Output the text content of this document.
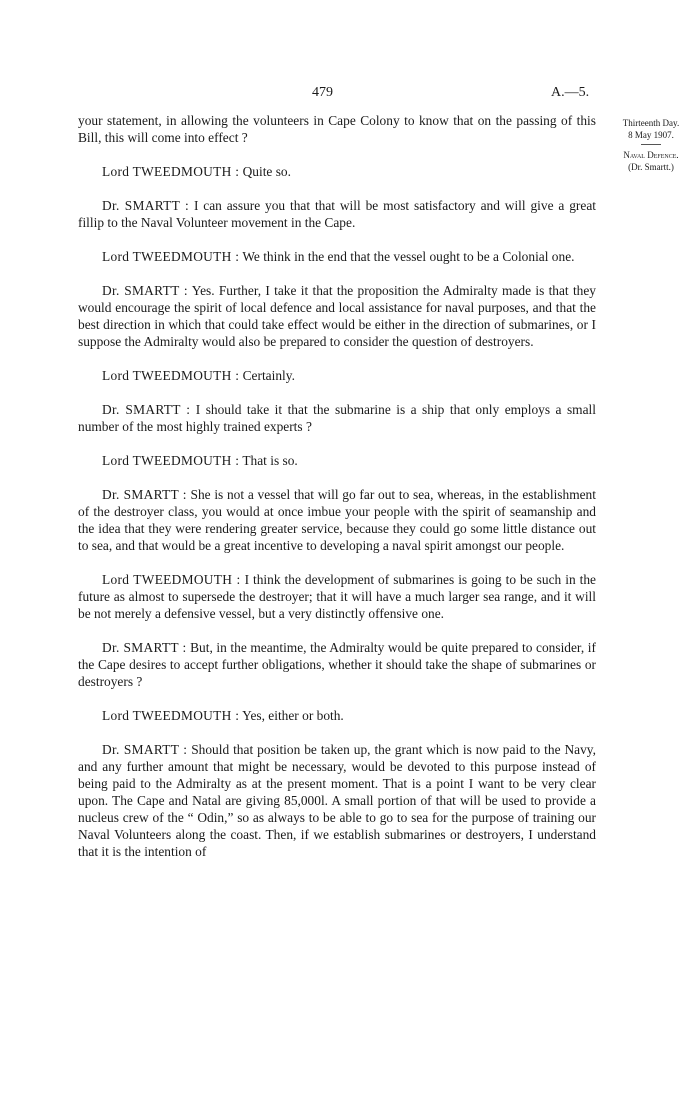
479	A.—5.
Thirteenth Day.
8 May 1907.
Naval Defence.
(Dr. Smartt.)

your statement, in allowing the volunteers in Cape Colony to know that on the passing of this Bill, this will come into effect ?

Lord TWEEDMOUTH : Quite so.

Dr. SMARTT : I can assure you that that will be most satisfactory and will give a great fillip to the Naval Volunteer movement in the Cape.

Lord TWEEDMOUTH : We think in the end that the vessel ought to be a Colonial one.

Dr. SMARTT : Yes. Further, I take it that the proposition the Admiralty made is that they would encourage the spirit of local defence and local assistance for naval purposes, and that the best direction in which that could take effect would be either in the direction of submarines, or I suppose the Admiralty would also be prepared to consider the question of destroyers.

Lord TWEEDMOUTH : Certainly.

Dr. SMARTT : I should take it that the submarine is a ship that only employs a small number of the most highly trained experts ?

Lord TWEEDMOUTH : That is so.

Dr. SMARTT : She is not a vessel that will go far out to sea, whereas, in the establishment of the destroyer class, you would at once imbue your people with the spirit of seamanship and the idea that they were rendering greater service, because they could go some little distance out to sea, and that would be a great incentive to developing a naval spirit amongst our people.

Lord TWEEDMOUTH : I think the development of submarines is going to be such in the future as almost to supersede the destroyer; that it will have a much larger sea range, and it will be not merely a defensive vessel, but a very distinctly offensive one.

Dr. SMARTT : But, in the meantime, the Admiralty would be quite prepared to consider, if the Cape desires to accept further obligations, whether it should take the shape of submarines or destroyers ?

Lord TWEEDMOUTH : Yes, either or both.

Dr. SMARTT : Should that position be taken up, the grant which is now paid to the Navy, and any further amount that might be necessary, would be devoted to this purpose instead of being paid to the Admiralty as at the present moment. That is a point I want to be very clear upon. The Cape and Natal are giving 85,000l. A small portion of that will be used to provide a nucleus crew of the “ Odin,” so as always to be able to go to sea for the purpose of training our Naval Volunteers along the coast. Then, if we establish submarines or destroyers, I understand that it is the intention of
